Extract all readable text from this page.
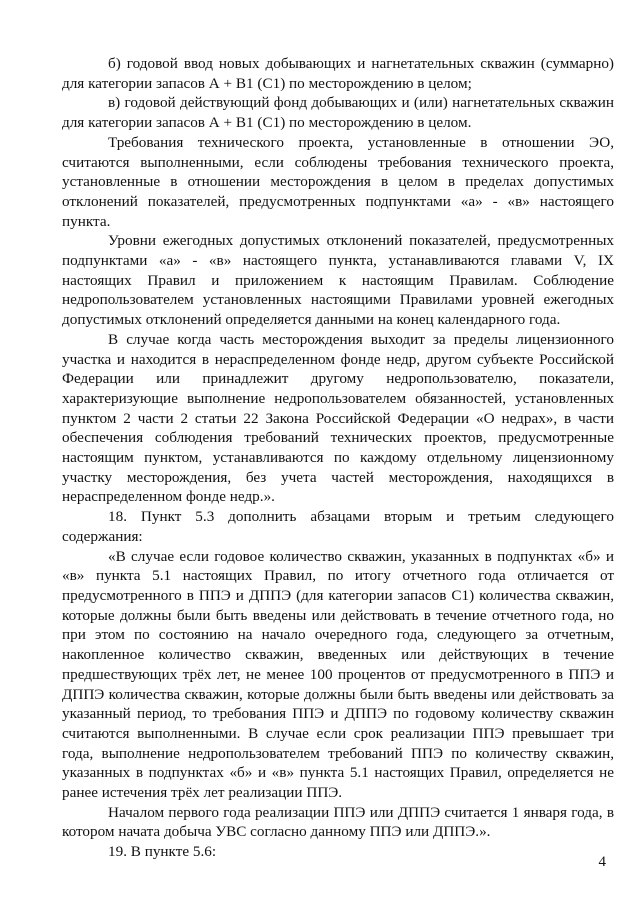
б) годовой ввод новых добывающих и нагнетательных скважин (суммарно) для категории запасов А + В1 (С1) по месторождению в целом;

в) годовой действующий фонд добывающих и (или) нагнетательных скважин для категории запасов А + В1 (С1) по месторождению в целом.

Требования технического проекта, установленные в отношении ЭО, считаются выполненными, если соблюдены требования технического проекта, установленные в отношении месторождения в целом в пределах допустимых отклонений показателей, предусмотренных подпунктами «а» - «в» настоящего пункта.

Уровни ежегодных допустимых отклонений показателей, предусмотренных подпунктами «а» - «в» настоящего пункта, устанавливаются главами V, IX настоящих Правил и приложением к настоящим Правилам. Соблюдение недропользователем установленных настоящими Правилами уровней ежегодных допустимых отклонений определяется данными на конец календарного года.

В случае когда часть месторождения выходит за пределы лицензионного участка и находится в нераспределенном фонде недр, другом субъекте Российской Федерации или принадлежит другому недропользователю, показатели, характеризующие выполнение недропользователем обязанностей, установленных пунктом 2 части 2 статьи 22 Закона Российской Федерации «О недрах», в части обеспечения соблюдения требований технических проектов, предусмотренные настоящим пунктом, устанавливаются по каждому отдельному лицензионному участку месторождения, без учета частей месторождения, находящихся в нераспределенном фонде недр.».

18. Пункт 5.3 дополнить абзацами вторым и третьим следующего содержания:

«В случае если годовое количество скважин, указанных в подпунктах «б» и «в» пункта 5.1 настоящих Правил, по итогу отчетного года отличается от предусмотренного в ППЭ и ДППЭ (для категории запасов С1) количества скважин, которые должны были быть введены или действовать в течение отчетного года, но при этом по состоянию на начало очередного года, следующего за отчетным, накопленное количество скважин, введенных или действующих в течение предшествующих трёх лет, не менее 100 процентов от предусмотренного в ППЭ и ДППЭ количества скважин, которые должны были быть введены или действовать за указанный период, то требования ППЭ и ДППЭ по годовому количеству скважин считаются выполненными. В случае если срок реализации ППЭ превышает три года, выполнение недропользователем требований ППЭ по количеству скважин, указанных в подпунктах «б» и «в» пункта 5.1 настоящих Правил, определяется не ранее истечения трёх лет реализации ППЭ.

Началом первого года реализации ППЭ или ДППЭ считается 1 января года, в котором начата добыча УВС согласно данному ППЭ или ДППЭ.».

19. В пункте 5.6:

4
